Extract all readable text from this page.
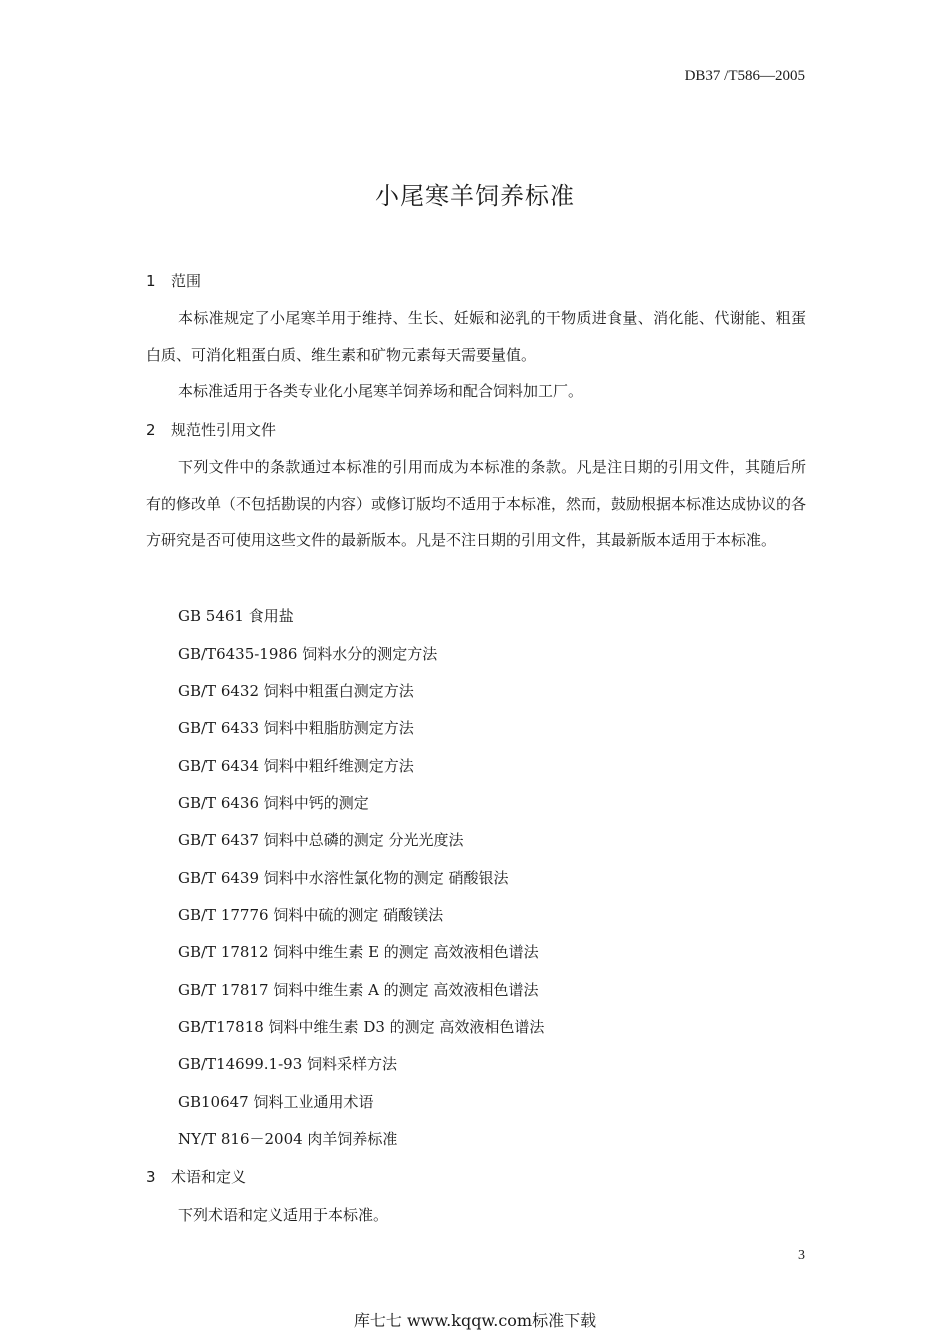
DB37 /T586—2005
小尾寒羊饲养标准
1 范围
本标准规定了小尾寒羊用于维持、生长、妊娠和泌乳的干物质进食量、消化能、代谢能、粗蛋白质、可消化粗蛋白质、维生素和矿物元素每天需要量值。
本标准适用于各类专业化小尾寒羊饲养场和配合饲料加工厂。
2 规范性引用文件
下列文件中的条款通过本标准的引用而成为本标准的条款。凡是注日期的引用文件，其随后所有的修改单（不包括勘误的内容）或修订版均不适用于本标准，然而，鼓励根据本标准达成协议的各方研究是否可使用这些文件的最新版本。凡是不注日期的引用文件，其最新版本适用于本标准。
GB 5461 食用盐
GB/T6435-1986 饲料水分的测定方法
GB/T 6432 饲料中粗蛋白测定方法
GB/T 6433 饲料中粗脂肪测定方法
GB/T 6434 饲料中粗纤维测定方法
GB/T 6436 饲料中钙的测定
GB/T 6437 饲料中总磷的测定 分光光度法
GB/T 6439 饲料中水溶性氯化物的测定 硝酸银法
GB/T 17776 饲料中硫的测定 硝酸镁法
GB/T 17812 饲料中维生素 E 的测定 高效液相色谱法
GB/T 17817 饲料中维生素 A 的测定 高效液相色谱法
GB/T17818 饲料中维生素 D3 的测定 高效液相色谱法
GB/T14699.1-93 饲料采样方法
GB10647 饲料工业通用术语
NY/T 816－2004 肉羊饲养标准
3 术语和定义
下列术语和定义适用于本标准。
3
库七七 www.kqqw.com标准下载
